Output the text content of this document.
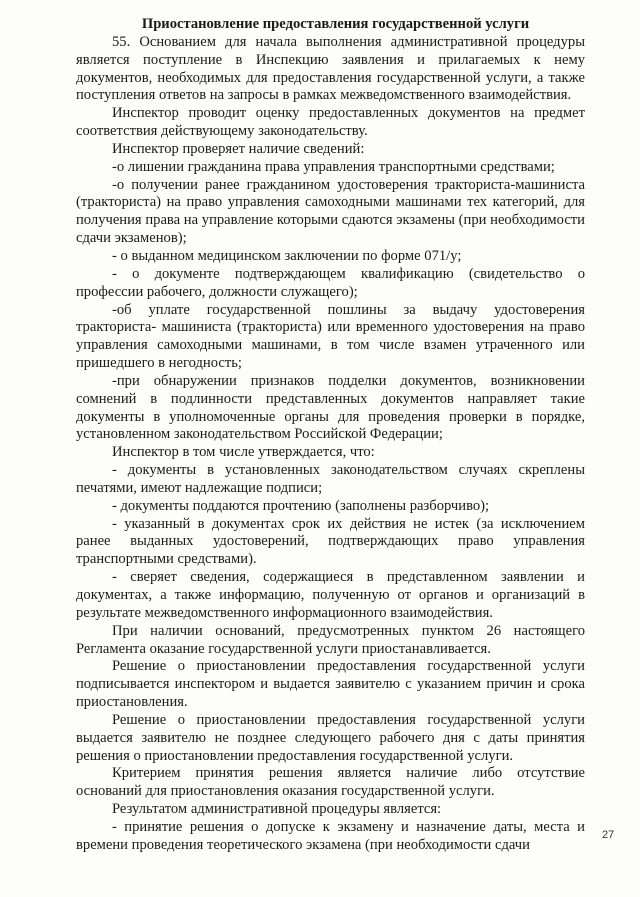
Приостановление предоставления государственной услуги

55. Основанием для начала выполнения административной процедуры является поступление в Инспекцию заявления и прилагаемых к нему документов, необходимых для предоставления государственной услуги, а также поступления ответов на запросы в рамках межведомственного взаимодействия.

Инспектор проводит оценку предоставленных документов на предмет соответствия действующему законодательству.

Инспектор проверяет наличие сведений:

-о лишении гражданина права управления транспортными средствами;

-о получении ранее гражданином удостоверения тракториста-машиниста (тракториста) на право управления самоходными машинами тех категорий, для получения права на управление которыми сдаются экзамены (при необходимости сдачи экзаменов);

- о выданном медицинском заключении по форме 071/у;

- о документе подтверждающем квалификацию (свидетельство о профессии рабочего, должности служащего);

-об уплате государственной пошлины за выдачу удостоверения тракториста- машиниста (тракториста) или временного удостоверения на право управления самоходными машинами, в том числе взамен утраченного или пришедшего в негодность;

-при обнаружении признаков подделки документов, возникновении сомнений в подлинности представленных документов направляет такие документы в уполномоченные органы для проведения проверки в порядке, установленном законодательством Российской Федерации;

Инспектор в том числе утверждается, что:

- документы в установленных законодательством случаях скреплены печатями, имеют надлежащие подписи;

- документы поддаются прочтению (заполнены разборчиво);

- указанный в документах срок их действия не истек (за исключением ранее выданных удостоверений, подтверждающих право управления транспортными средствами).

- сверяет сведения, содержащиеся в представленном заявлении и документах, а также информацию, полученную от органов и организаций в результате межведомственного информационного взаимодействия.

При наличии оснований, предусмотренных пунктом 26 настоящего Регламента оказание государственной услуги приостанавливается.

Решение о приостановлении предоставления государственной услуги подписывается инспектором и выдается заявителю с указанием причин и срока приостановления.

Решение о приостановлении предоставления государственной услуги выдается заявителю не позднее следующего рабочего дня с даты принятия решения о приостановлении предоставления государственной услуги.

Критерием принятия решения является наличие либо отсутствие оснований для приостановления оказания государственной услуги.

Результатом административной процедуры является:

- принятие решения о допуске к экзамену и назначение даты, места и времени проведения теоретического экзамена (при необходимости сдачи

27
